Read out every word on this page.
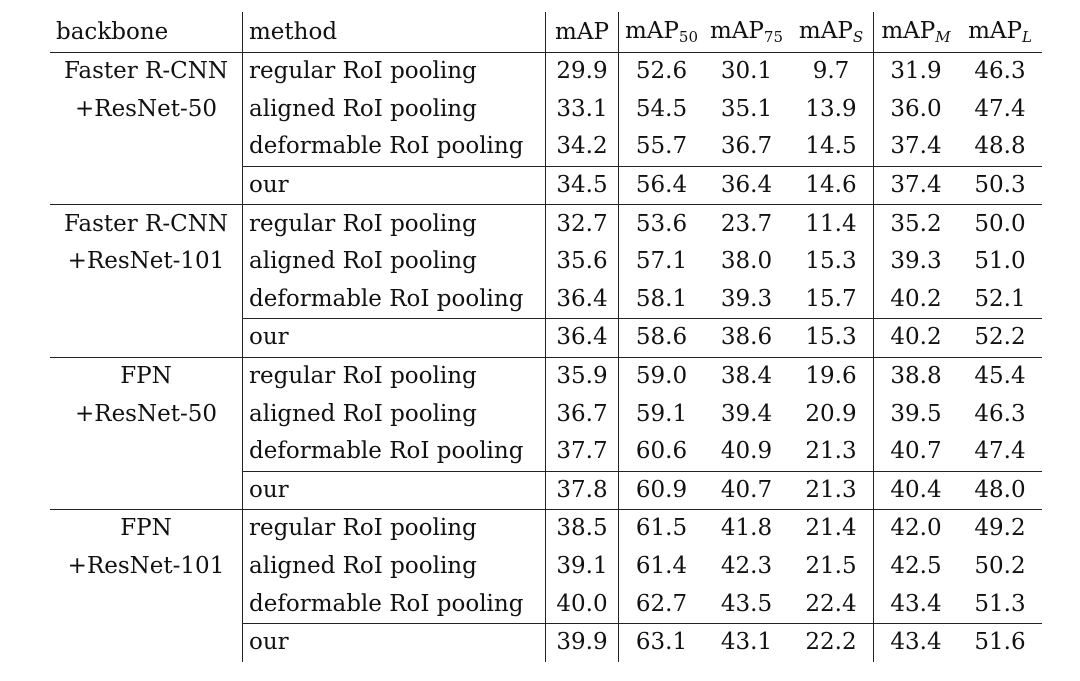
backbone	method	mAP	mAP50	mAP75	mAPS	mAPM	mAPL
Faster R-CNN	regular RoI pooling	29.9	52.6	30.1	9.7	31.9	46.3
+ResNet-50	aligned RoI pooling	33.1	54.5	35.1	13.9	36.0	47.4
	deformable RoI pooling	34.2	55.7	36.7	14.5	37.4	48.8
	our	34.5	56.4	36.4	14.6	37.4	50.3
Faster R-CNN	regular RoI pooling	32.7	53.6	23.7	11.4	35.2	50.0
+ResNet-101	aligned RoI pooling	35.6	57.1	38.0	15.3	39.3	51.0
	deformable RoI pooling	36.4	58.1	39.3	15.7	40.2	52.1
	our	36.4	58.6	38.6	15.3	40.2	52.2
FPN	regular RoI pooling	35.9	59.0	38.4	19.6	38.8	45.4
+ResNet-50	aligned RoI pooling	36.7	59.1	39.4	20.9	39.5	46.3
	deformable RoI pooling	37.7	60.6	40.9	21.3	40.7	47.4
	our	37.8	60.9	40.7	21.3	40.4	48.0
FPN	regular RoI pooling	38.5	61.5	41.8	21.4	42.0	49.2
+ResNet-101	aligned RoI pooling	39.1	61.4	42.3	21.5	42.5	50.2
	deformable RoI pooling	40.0	62.7	43.5	22.4	43.4	51.3
	our	39.9	63.1	43.1	22.2	43.4	51.6
